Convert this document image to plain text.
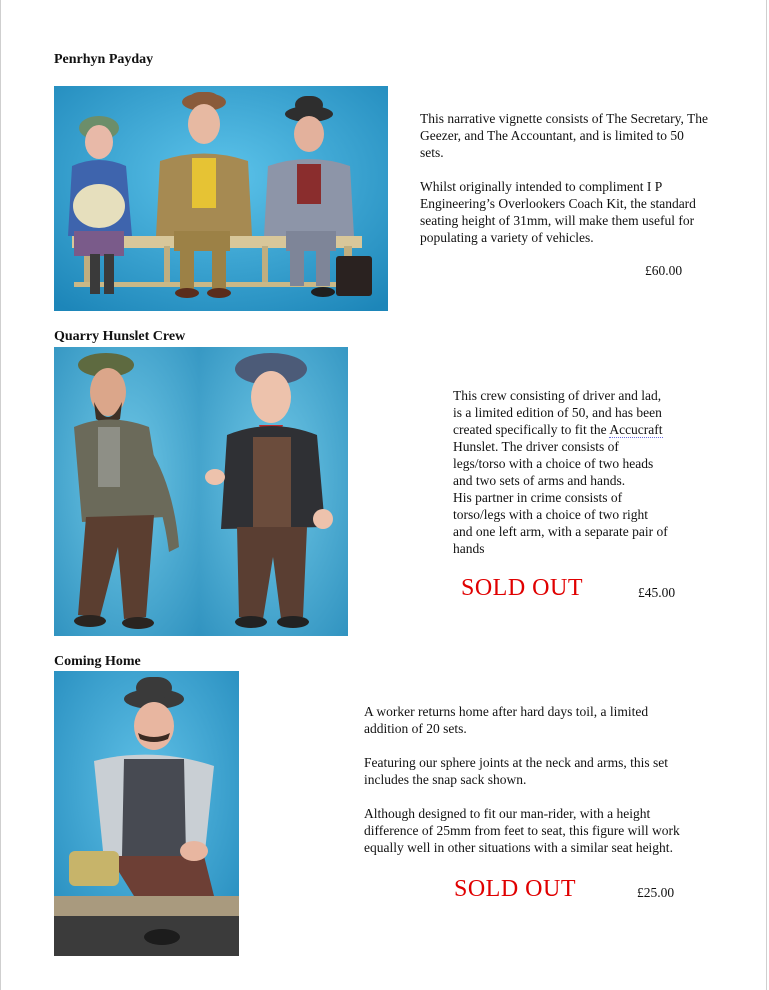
Penrhyn Payday

This narrative vignette consists of The Secretary, The Geezer, and The Accountant, and is limited to 50 sets.

Whilst originally intended to compliment I P Engineering’s Overlookers Coach Kit, the standard seating height of 31mm, will make them useful for populating a variety of vehicles.

£60.00
Quarry Hunslet Crew

This crew consisting of driver and lad,

is a limited edition of 50, and has been

created specifically to fit the Accucraft

Hunslet. The driver consists of

legs/torso with a choice of two heads

and two sets of arms and hands.

His partner in crime consists of

torso/legs with a choice of two right

and one left arm, with a separate pair of

hands

SOLD OUT	£45.00
Coming Home

A worker returns home after hard days toil, a limited addition of 20 sets.

Featuring our sphere joints at the neck and arms, this set includes the snap sack shown.

Although designed to fit our man-rider, with a height difference of 25mm from feet to seat, this figure will work equally well in other situations with a similar seat height.

SOLD OUT	£25.00
